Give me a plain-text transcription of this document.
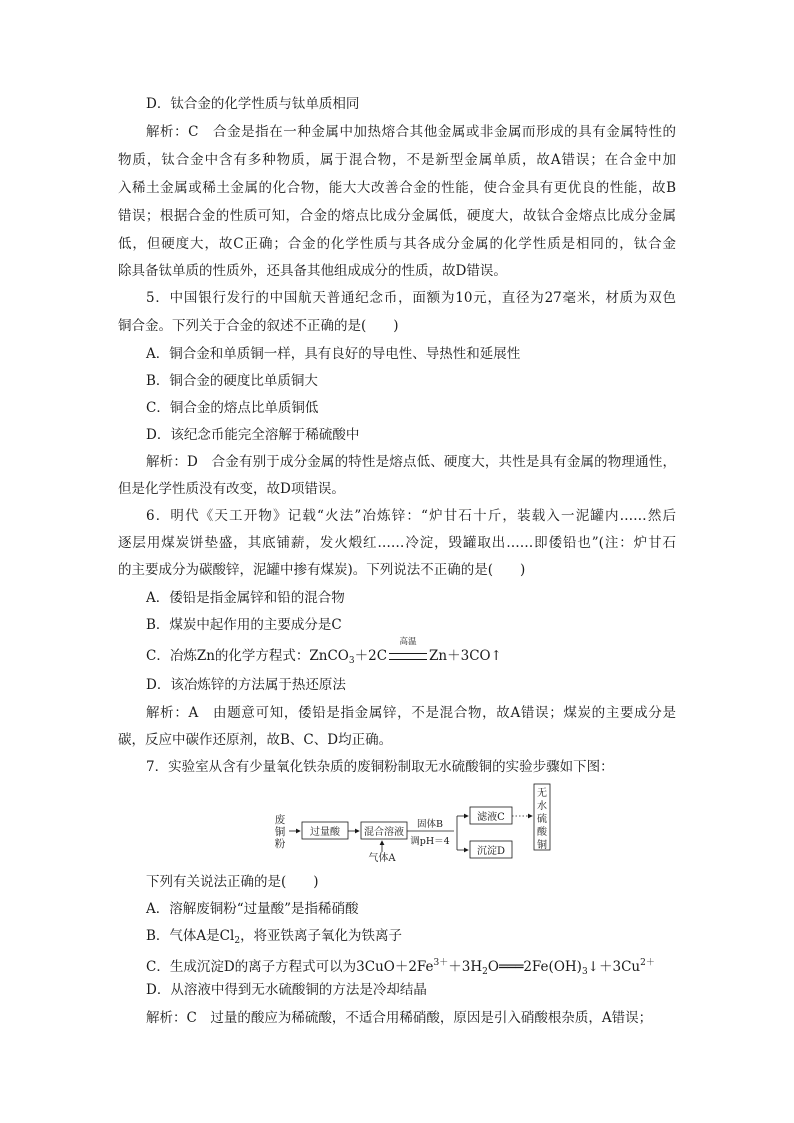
D．钛合金的化学性质与钛单质相同
解析：C　合金是指在一种金属中加热熔合其他金属或非金属而形成的具有金属特性的
物质，钛合金中含有多种物质，属于混合物，不是新型金属单质，故A错误；在合金中加
入稀土金属或稀土金属的化合物，能大大改善合金的性能，使合金具有更优良的性能，故B
错误；根据合金的性质可知，合金的熔点比成分金属低，硬度大，故钛合金熔点比成分金属
低，但硬度大，故C正确；合金的化学性质与其各成分金属的化学性质是相同的，钛合金
除具备钛单质的性质外，还具备其他组成成分的性质，故D错误。
5．中国银行发行的中国航天普通纪念币，面额为10元，直径为27毫米，材质为双色
铜合金。下列关于合金的叙述不正确的是(　　)
A．铜合金和单质铜一样，具有良好的导电性、导热性和延展性
B．铜合金的硬度比单质铜大
C．铜合金的熔点比单质铜低
D．该纪念币能完全溶解于稀硫酸中
解析：D　合金有别于成分金属的特性是熔点低、硬度大，共性是具有金属的物理通性，
但是化学性质没有改变，故D项错误。
6．明代《天工开物》记载“火法”冶炼锌：“炉甘石十斤，装载入一泥罐内……然后
逐层用煤炭饼垫盛，其底铺薪，发火煅红……冷淀，毁罐取出……即倭铅也”(注：炉甘石
的主要成分为碳酸锌，泥罐中掺有煤炭)。下列说法不正确的是(　　)
A．倭铅是指金属锌和铅的混合物
B．煤炭中起作用的主要成分是C
C．冶炼Zn的化学方程式：ZnCO$_3$＋2C
高温
Zn＋3CO↑
D．该冶炼锌的方法属于热还原法
解析：A　由题意可知，倭铅是指金属锌，不是混合物，故A错误；煤炭的主要成分是
碳，反应中碳作还原剂，故B、C、D均正确。
7．实验室从含有少量氧化铁杂质的废铜粉制取无水硫酸铜的实验步骤如下图：
废
铜
粉
过量酸 混合溶液
气体A
固体B
调pH＝4
滤液C
沉淀D
无
水
硫
酸
铜
下列有关说法正确的是(　　)
A．溶解废铜粉“过量酸”是指稀硝酸
B．气体A是$Cl_2$，将亚铁离子氧化为铁离子
C．生成沉淀D的离子方程式可以为$3CuO+2Fe^{3+}+3H_2O═══2Fe(OH)_3↓+3Cu^{2+}$
D．从溶液中得到无水硫酸铜的方法是冷却结晶
解析：C　过量的酸应为稀硫酸，不适合用稀硝酸，原因是引入硝酸根杂质，A错误；
